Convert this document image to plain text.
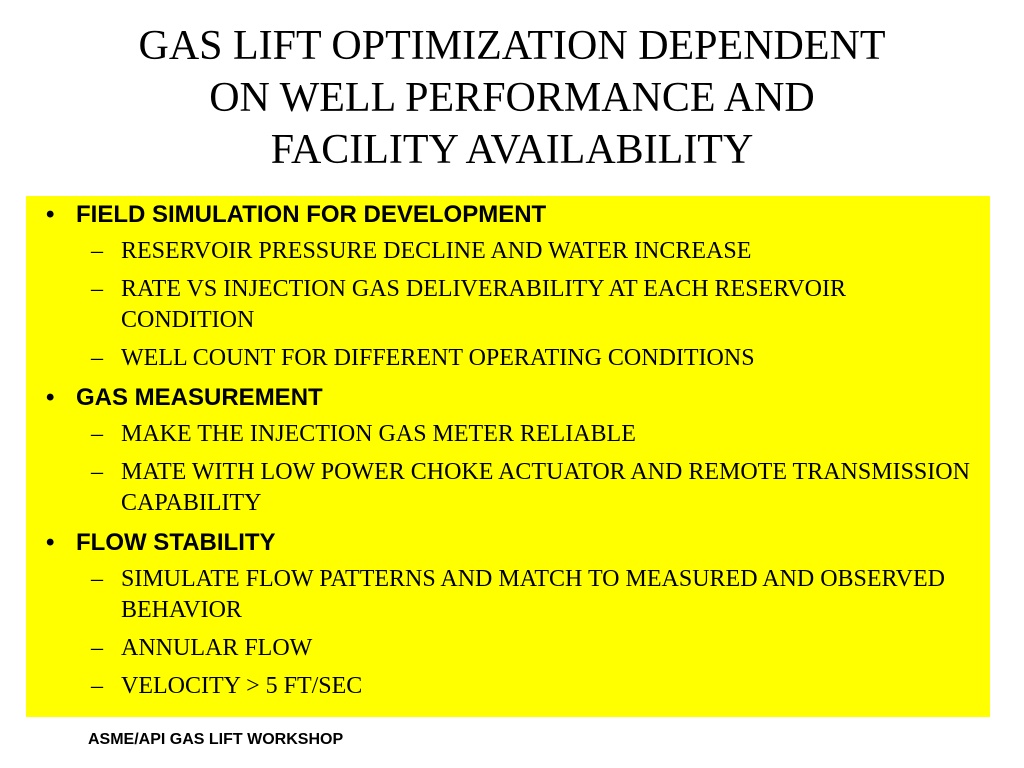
GAS LIFT OPTIMIZATION DEPENDENT
ON WELL PERFORMANCE AND
FACILITY AVAILABILITY
• FIELD SIMULATION FOR DEVELOPMENT
– RESERVOIR PRESSURE DECLINE AND WATER INCREASE
– RATE VS INJECTION GAS DELIVERABILITY AT EACH RESERVOIR CONDITION
– WELL COUNT FOR DIFFERENT OPERATING CONDITIONS
• GAS MEASUREMENT
– MAKE THE INJECTION GAS METER RELIABLE
– MATE WITH LOW POWER CHOKE ACTUATOR AND REMOTE TRANSMISSION CAPABILITY
• FLOW STABILITY
– SIMULATE FLOW PATTERNS AND MATCH TO MEASURED AND OBSERVED BEHAVIOR
– ANNULAR FLOW
– VELOCITY > 5 FT/SEC
ASME/API GAS LIFT WORKSHOP
